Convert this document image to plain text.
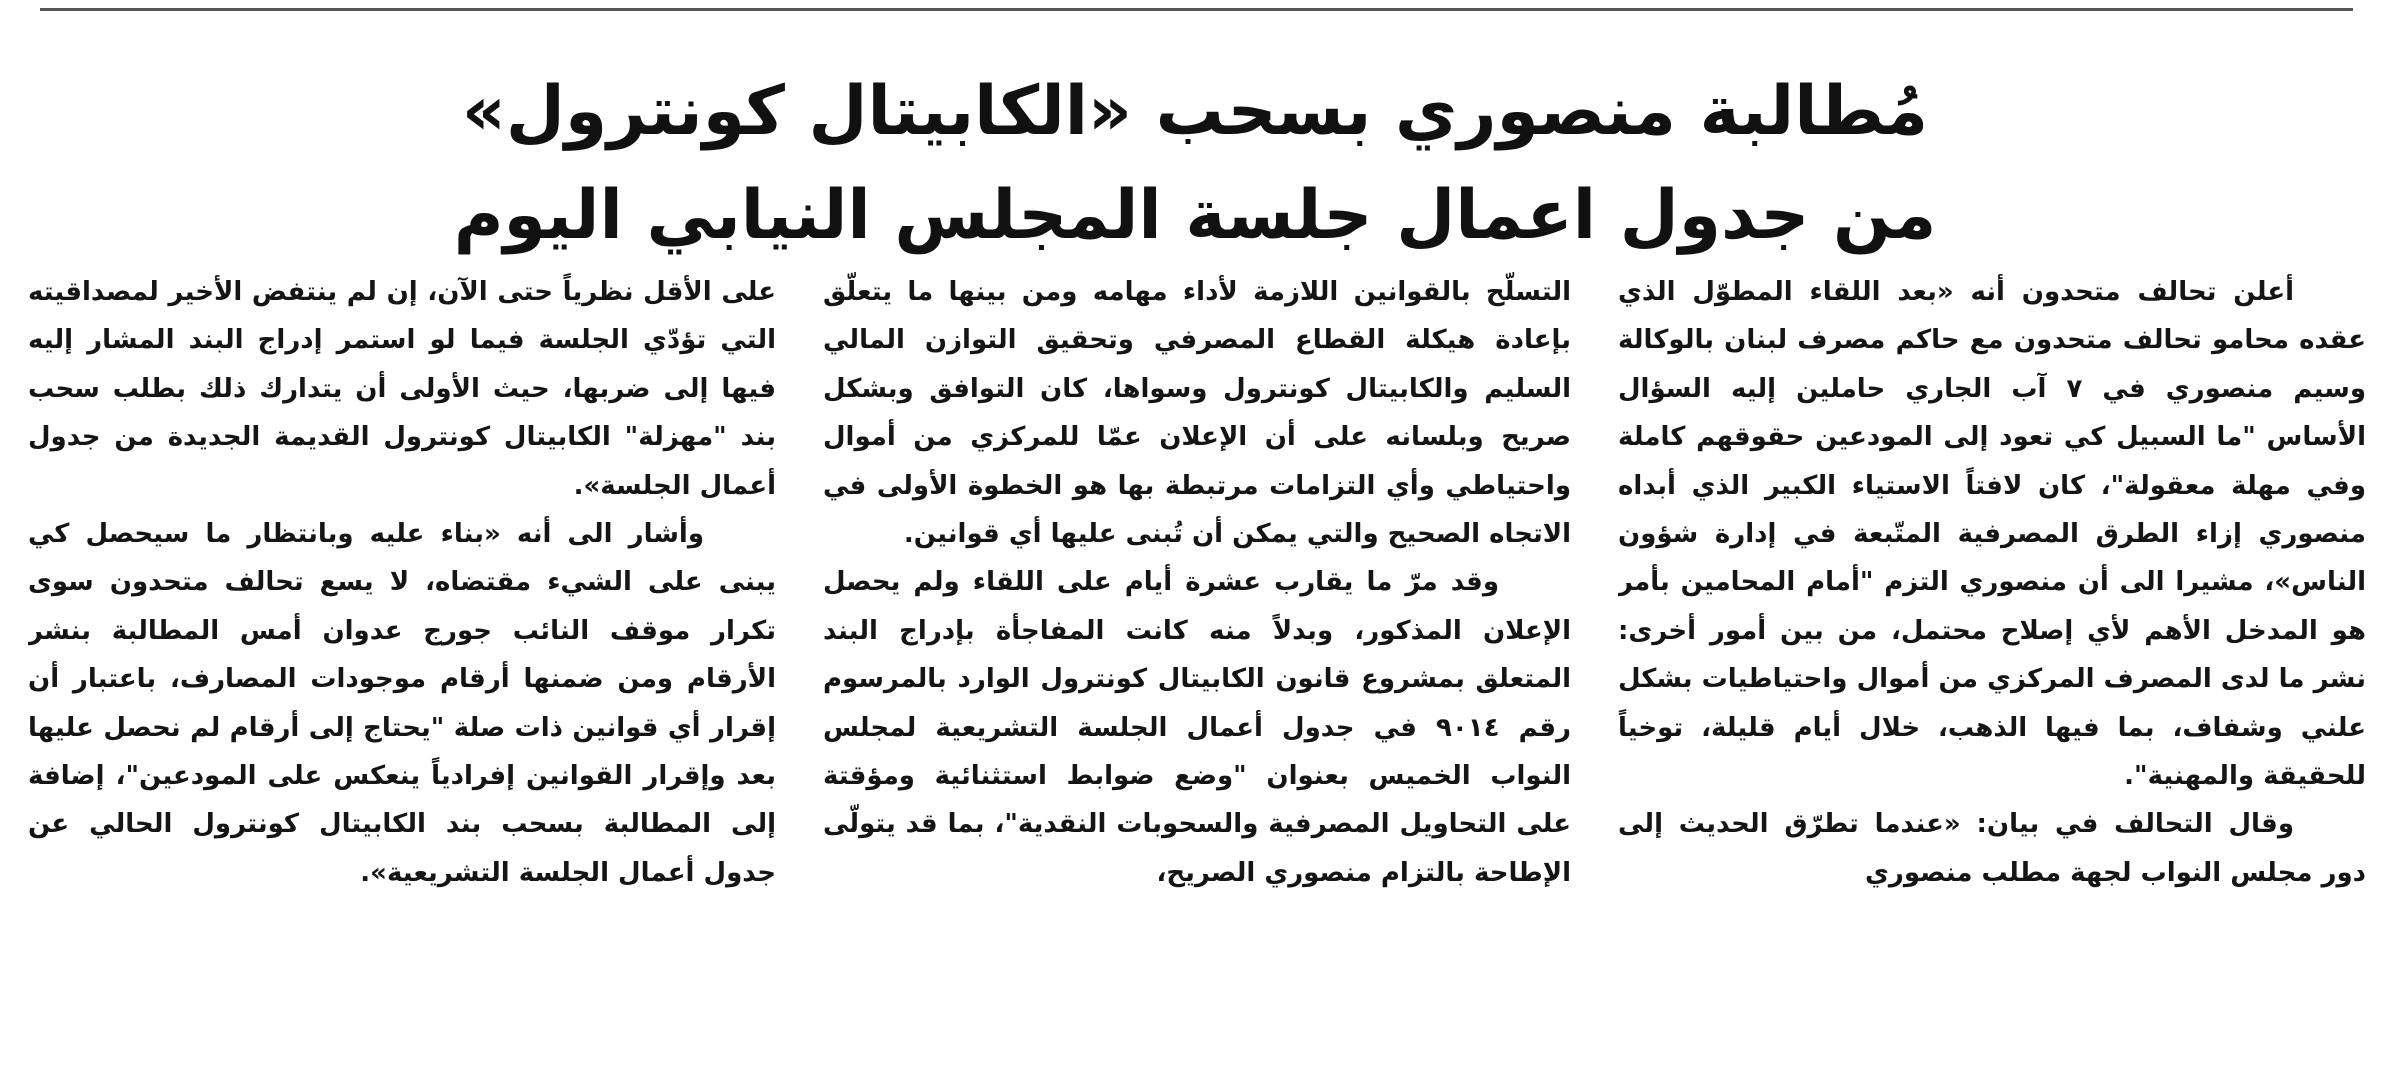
مُطالبة منصوري بسحب «الكابيتال كونترول»
من جدول اعمال جلسة المجلس النيابي اليوم

أعلن تحالف متحدون أنه «بعد اللقاء المطوّل الذي عقده محامو تحالف متحدون مع حاكم مصرف لبنان بالوكالة وسيم منصوري في ٧ آب الجاري حاملين إليه السؤال الأساس "ما السبيل كي تعود إلى المودعين حقوقهم كاملة وفي مهلة معقولة"، كان لافتاً الاستياء الكبير الذي أبداه منصوري إزاء الطرق المصرفية المتّبعة في إدارة شؤون الناس»، مشيرا الى أن منصوري التزم "أمام المحامين بأمر هو المدخل الأهم لأي إصلاح محتمل، من بين أمور أخرى: نشر ما لدى المصرف المركزي من أموال واحتياطيات بشكل علني وشفاف، بما فيها الذهب، خلال أيام قليلة، توخياً للحقيقة والمهنية".

وقال التحالف في بيان: «عندما تطرّق الحديث إلى دور مجلس النواب لجهة مطلب منصوري

التسلّح بالقوانين اللازمة لأداء مهامه ومن بينها ما يتعلّق بإعادة هيكلة القطاع المصرفي وتحقيق التوازن المالي السليم والكابيتال كونترول وسواها، كان التوافق وبشكل صريح وبلسانه على أن الإعلان عمّا للمركزي من أموال واحتياطي وأي التزامات مرتبطة بها هو الخطوة الأولى في الاتجاه الصحيح والتي يمكن أن تُبنى عليها أي قوانين.

وقد مرّ ما يقارب عشرة أيام على اللقاء ولم يحصل الإعلان المذكور، وبدلاً منه كانت المفاجأة بإدراج البند المتعلق بمشروع قانون الكابيتال كونترول الوارد بالمرسوم رقم ٩٠١٤ في جدول أعمال الجلسة التشريعية لمجلس النواب الخميس بعنوان "وضع ضوابط استثنائية ومؤقتة على التحاويل المصرفية والسحوبات النقدية"، بما قد يتولّى الإطاحة بالتزام منصوري الصريح،

على الأقل نظرياً حتى الآن، إن لم ينتفض الأخير لمصداقيته التي تؤدّي الجلسة فيما لو استمر إدراج البند المشار إليه فيها إلى ضربها، حيث الأولى أن يتدارك ذلك بطلب سحب بند "مهزلة" الكابيتال كونترول القديمة الجديدة من جدول أعمال الجلسة».

وأشار الى أنه «بناء عليه وبانتظار ما سيحصل كي يبنى على الشيء مقتضاه، لا يسع تحالف متحدون سوى تكرار موقف النائب جورج عدوان أمس المطالبة بنشر الأرقام ومن ضمنها أرقام موجودات المصارف، باعتبار أن إقرار أي قوانين ذات صلة "يحتاج إلى أرقام لم نحصل عليها بعد وإقرار القوانين إفرادياً ينعكس على المودعين"، إضافة إلى المطالبة بسحب بند الكابيتال كونترول الحالي عن جدول أعمال الجلسة التشريعية».
